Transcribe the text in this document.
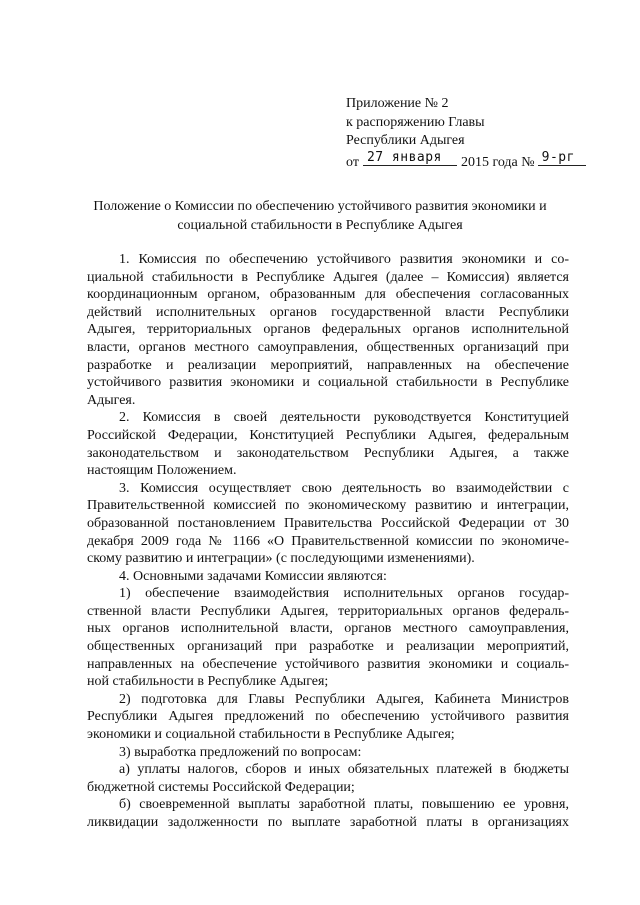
Приложение № 2
к распоряжению Главы
Республики Адыгея
от 27 января 2015 года № 9-рг
Положение о Комиссии по обеспечению устойчивого развития экономики и
социальной стабильности в Республике Адыгея
1. Комиссия по обеспечению устойчивого развития экономики и со-
циальной стабильности в Республике Адыгея (далее – Комиссия) является
координационным органом, образованным для обеспечения согласованных
действий исполнительных органов государственной власти Республики
Адыгея, территориальных органов федеральных органов исполнительной
власти, органов местного самоуправления, общественных организаций при
разработке и реализации мероприятий, направленных на обеспечение
устойчивого развития экономики и социальной стабильности в Республике
Адыгея.
2. Комиссия в своей деятельности руководствуется Конституцией
Российской Федерации, Конституцией Республики Адыгея, федеральным
законодательством и законодательством Республики Адыгея, а также
настоящим Положением.
3. Комиссия осуществляет свою деятельность во взаимодействии с
Правительственной комиссией по экономическому развитию и интеграции,
образованной постановлением Правительства Российской Федерации от 30
декабря 2009 года № 1166 «О Правительственной комиссии по экономиче-
скому развитию и интеграции» (с последующими изменениями).
4. Основными задачами Комиссии являются:
1) обеспечение взаимодействия исполнительных органов государ-
ственной власти Республики Адыгея, территориальных органов федераль-
ных органов исполнительной власти, органов местного самоуправления,
общественных организаций при разработке и реализации мероприятий,
направленных на обеспечение устойчивого развития экономики и социаль-
ной стабильности в Республике Адыгея;
2) подготовка для Главы Республики Адыгея, Кабинета Министров
Республики Адыгея предложений по обеспечению устойчивого развития
экономики и социальной стабильности в Республике Адыгея;
3) выработка предложений по вопросам:
а) уплаты налогов, сборов и иных обязательных платежей в бюджеты
бюджетной системы Российской Федерации;
б) своевременной выплаты заработной платы, повышению ее уровня,
ликвидации задолженности по выплате заработной платы в организациях
